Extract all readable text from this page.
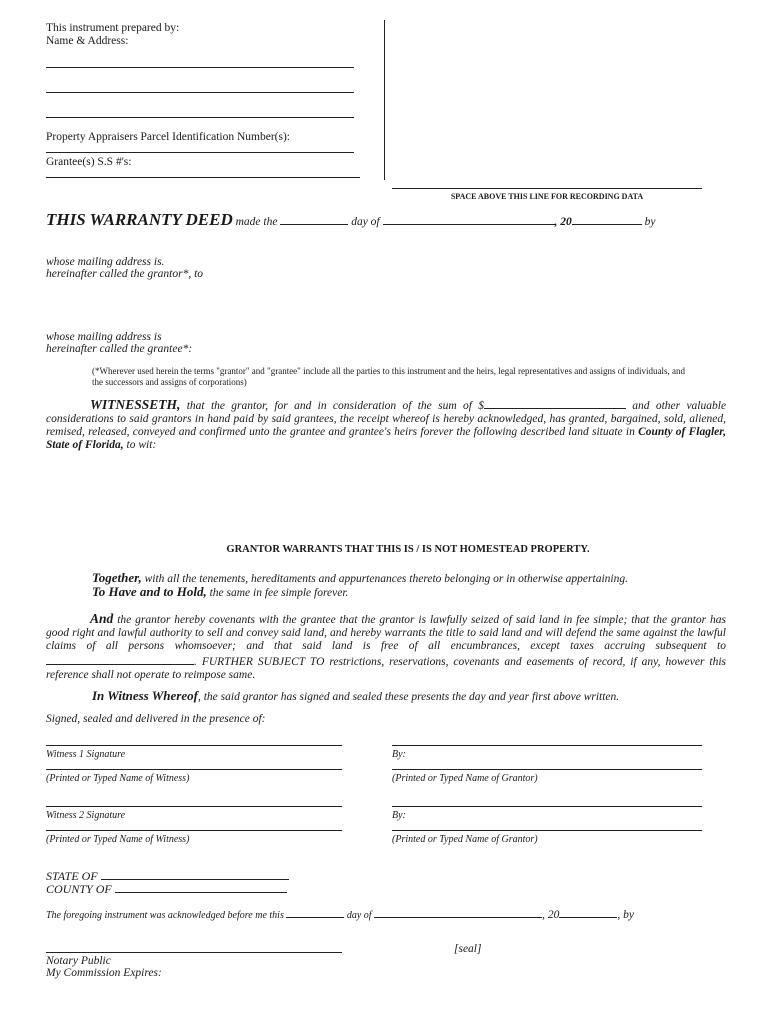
This instrument prepared by:
Name & Address:
Property Appraisers Parcel Identification Number(s):
Grantee(s) S.S #'s:
SPACE ABOVE THIS LINE FOR RECORDING DATA
THIS WARRANTY DEED made the	day of	, 20	by
whose mailing address is.
hereinafter called the grantor*, to
whose mailing address is
hereinafter called the grantee*:
(*Wherever used herein the terms "grantor" and "grantee" include all the parties to this instrument and the heirs, legal representatives and assigns of individuals, and the successors and assigns of corporations)
WITNESSETH, that the grantor, for and in consideration of the sum of $	and other valuable considerations to said grantors in hand paid by said grantees, the receipt whereof is hereby acknowledged, has granted, bargained, sold, aliened, remised, released, conveyed and confirmed unto the grantee and grantee's heirs forever the following described land situate in County of Flagler, State of Florida, to wit:
GRANTOR WARRANTS THAT THIS IS / IS NOT HOMESTEAD PROPERTY.
Together, with all the tenements, hereditaments and appurtenances thereto belonging or in otherwise appertaining.
To Have and to Hold, the same in fee simple forever.
And the grantor hereby covenants with the grantee that the grantor is lawfully seized of said land in fee simple; that the grantor has good right and lawful authority to sell and convey said land, and hereby warrants the title to said land and will defend the same against the lawful claims of all persons whomsoever; and that said land is free of all encumbrances, except taxes accruing subsequent to . FURTHER SUBJECT TO restrictions, reservations, covenants and easements of record, if any, however this reference shall not operate to reimpose same.
In Witness Whereof, the said grantor has signed and sealed these presents the day and year first above written.
Signed, sealed and delivered in the presence of:
Witness 1 Signature
(Printed or Typed Name of Witness)
By:
(Printed or Typed Name of Grantor)
Witness 2 Signature
(Printed or Typed Name of Witness)
By:
(Printed or Typed Name of Grantor)
STATE OF
COUNTY OF
The foregoing instrument was acknowledged before me this	day of	, 20	, by
[seal]
Notary Public
My Commission Expires:
